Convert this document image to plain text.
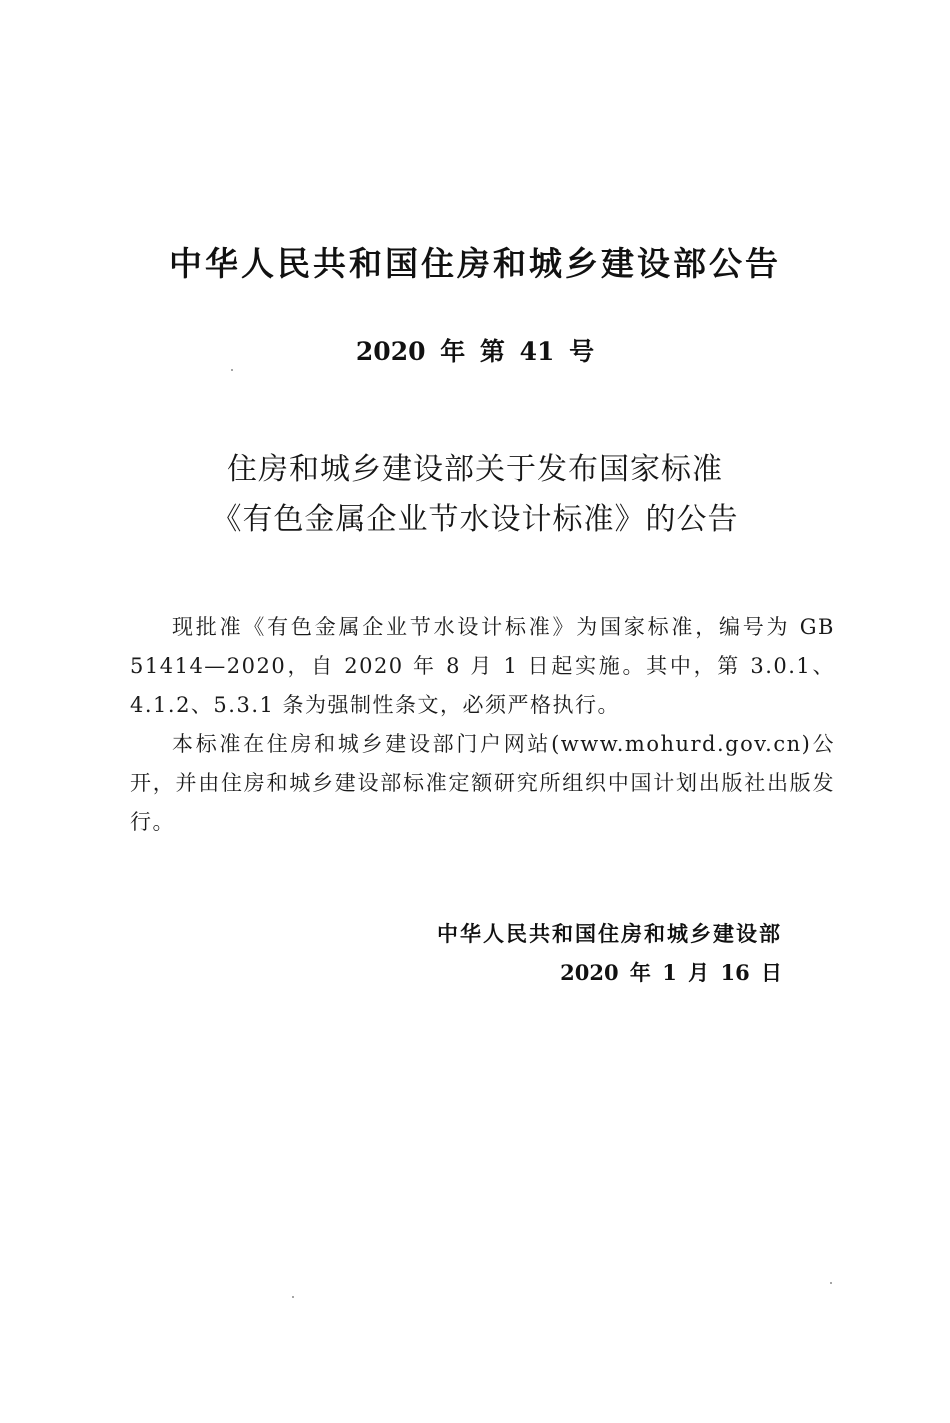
中华人民共和国住房和城乡建设部公告
2020 年 第 41 号
住房和城乡建设部关于发布国家标准
《有色金属企业节水设计标准》的公告

现批准《有色金属企业节水设计标准》为国家标准，编号为 GB 51414—2020，自 2020 年 8 月 1 日起实施。其中，第 3.0.1、4.1.2、5.3.1 条为强制性条文，必须严格执行。

本标准在住房和城乡建设部门户网站(www.mohurd.gov.cn)公开，并由住房和城乡建设部标准定额研究所组织中国计划出版社出版发行。

中华人民共和国住房和城乡建设部
2020 年 1 月 16 日
